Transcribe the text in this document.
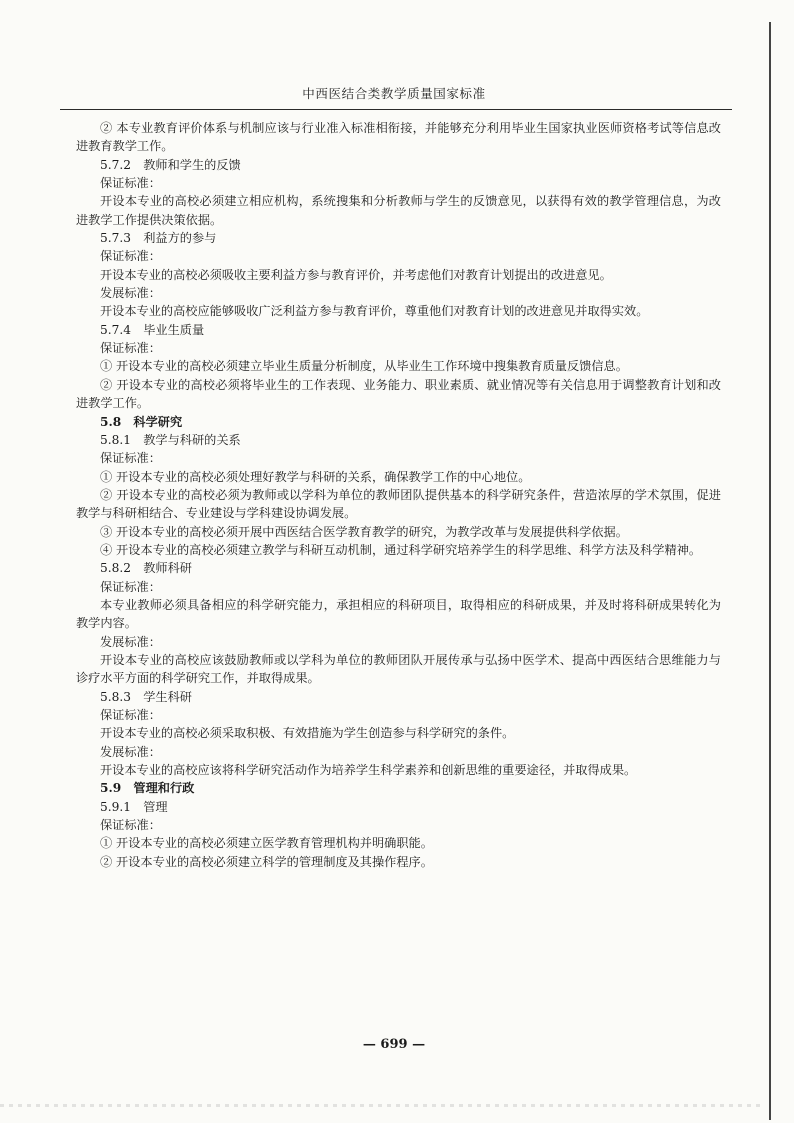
中西医结合类教学质量国家标准

② 本专业教育评价体系与机制应该与行业准入标准相衔接，并能够充分利用毕业生国家执业医师资格考试等信息改进教育教学工作。

5.7.2　教师和学生的反馈

保证标准：

开设本专业的高校必须建立相应机构，系统搜集和分析教师与学生的反馈意见，以获得有效的教学管理信息，为改进教学工作提供决策依据。

5.7.3　利益方的参与

保证标准：

开设本专业的高校必须吸收主要利益方参与教育评价，并考虑他们对教育计划提出的改进意见。

发展标准：

开设本专业的高校应能够吸收广泛利益方参与教育评价，尊重他们对教育计划的改进意见并取得实效。

5.7.4　毕业生质量

保证标准：

① 开设本专业的高校必须建立毕业生质量分析制度，从毕业生工作环境中搜集教育质量反馈信息。

② 开设本专业的高校必须将毕业生的工作表现、业务能力、职业素质、就业情况等有关信息用于调整教育计划和改进教学工作。

5.8　科学研究

5.8.1　教学与科研的关系

保证标准：

① 开设本专业的高校必须处理好教学与科研的关系，确保教学工作的中心地位。

② 开设本专业的高校必须为教师或以学科为单位的教师团队提供基本的科学研究条件，营造浓厚的学术氛围，促进教学与科研相结合、专业建设与学科建设协调发展。

③ 开设本专业的高校必须开展中西医结合医学教育教学的研究，为教学改革与发展提供科学依据。

④ 开设本专业的高校必须建立教学与科研互动机制，通过科学研究培养学生的科学思维、科学方法及科学精神。

5.8.2　教师科研

保证标准：

本专业教师必须具备相应的科学研究能力，承担相应的科研项目，取得相应的科研成果，并及时将科研成果转化为教学内容。

发展标准：

开设本专业的高校应该鼓励教师或以学科为单位的教师团队开展传承与弘扬中医学术、提高中西医结合思维能力与诊疗水平方面的科学研究工作，并取得成果。

5.8.3　学生科研

保证标准：

开设本专业的高校必须采取积极、有效措施为学生创造参与科学研究的条件。

发展标准：

开设本专业的高校应该将科学研究活动作为培养学生科学素养和创新思维的重要途径，并取得成果。

5.9　管理和行政

5.9.1　管理

保证标准：

① 开设本专业的高校必须建立医学教育管理机构并明确职能。

② 开设本专业的高校必须建立科学的管理制度及其操作程序。

— 699 —
